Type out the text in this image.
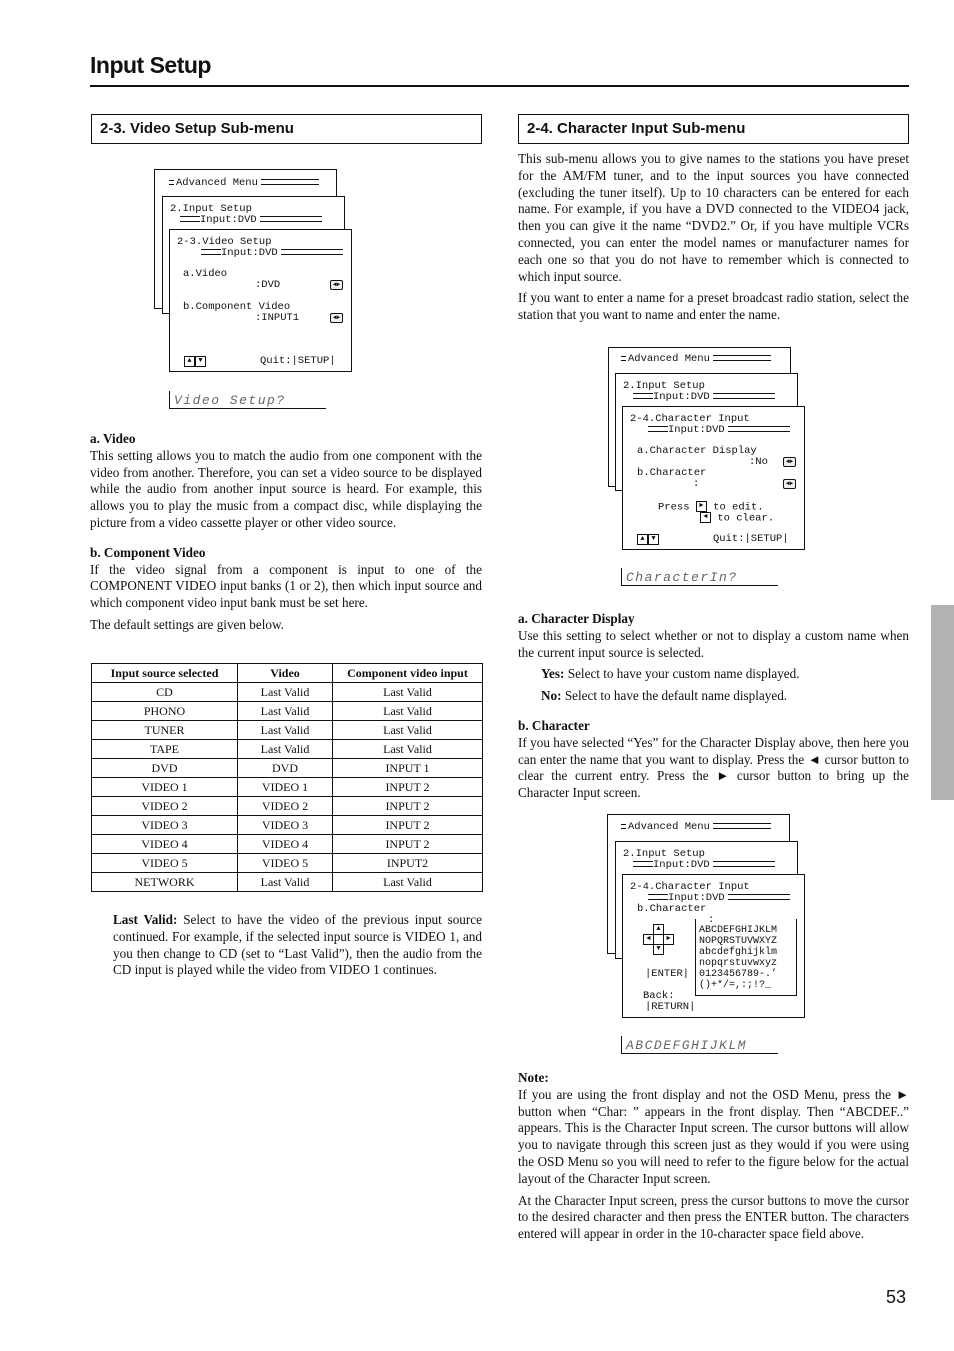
Input Setup
2-3. Video Setup Sub-menu
Advanced Menu
2.Input Setup
Input:DVD
2-3.Video Setup
Input:DVD
a.Video
:DVD	◄►
b.Component Video
:INPUT1	◄►
▲ ▼	Quit:|SETUP|
Video Setup?
a. Video

This setting allows you to match the audio from one component with the video from another. Therefore, you can set a video source to be displayed while the audio from another input source is heard. For example, this allows you to play the music from a compact disc, while displaying the picture from a video cassette player or other video source.

b. Component Video

If the video signal from a component is input to one of the COMPONENT VIDEO input banks (1 or 2), then which input source and which component video input bank must be set here.

The default settings are given below.

Input source selected	Video	Component video input
CD	Last Valid	Last Valid
PHONO	Last Valid	Last Valid
TUNER	Last Valid	Last Valid
TAPE	Last Valid	Last Valid
DVD	DVD	INPUT 1
VIDEO 1	VIDEO 1	INPUT 2
VIDEO 2	VIDEO 2	INPUT 2
VIDEO 3	VIDEO 3	INPUT 2
VIDEO 4	VIDEO 4	INPUT 2
VIDEO 5	VIDEO 5	INPUT2
NETWORK	Last Valid	Last Valid

Last Valid: Select to have the video of the previous input source continued. For example, if the selected input source is VIDEO 1, and you then change to CD (set to “Last Valid”), then the audio from the CD input is played while the video from VIDEO 1 continues.

2-4. Character Input Sub-menu

This sub-menu allows you to give names to the stations you have preset for the AM/FM tuner, and to the input sources you have connected (excluding the tuner itself). Up to 10 characters can be entered for each name. For example, if you have a DVD connected to the VIDEO4 jack, then you can give it the name “DVD2.” Or, if you have multiple VCRs connected, you can enter the model names or manufacturer names for each one so that you do not have to remember which is connected to which input source.

If you want to enter a name for a preset broadcast radio station, select the station that you want to name and enter the name.

Advanced Menu
2.Input Setup
Input:DVD
2-4.Character Input
Input:DVD
a.Character Display
:No	◄►
b.Character
:	◄►
Press ► to edit.
◄ to clear.
▲ ▼	Quit:|SETUP|
CharacterIn?
a. Character Display

Use this setting to select whether or not to display a custom name when the current input source is selected.

Yes: Select to have your custom name displayed.

No: Select to have the default name displayed.

b. Character

If you have selected “Yes” for the Character Display above, then here you can enter the name that you want to display. Press the ◄ cursor button to clear the current entry. Press the ► cursor button to bring up the Character Input screen.

Advanced Menu
2.Input Setup
Input:DVD
2-4.Character Input
Input:DVD
b.Character
:
ABCDEFGHIJKLM
NOPQRSTUVWXYZ
abcdefghijklm
nopqrstuvwxyz
0123456789-.’
()+*/=,:;!?_
▲
◄	►
▼
|ENTER|
Back:
|RETURN|
ABCDEFGHIJKLM
Note:

If you are using the front display and not the OSD Menu, press the ► button when “Char: ” appears in the front display. Then “ABCDEF..” appears. This is the Character Input screen. The cursor buttons will allow you to navigate through this screen just as they would if you were using the OSD Menu so you will need to refer to the figure below for the actual layout of the Character Input screen.

At the Character Input screen, press the cursor buttons to move the cursor to the desired character and then press the ENTER button. The characters entered will appear in order in the 10-character space field above.

53
